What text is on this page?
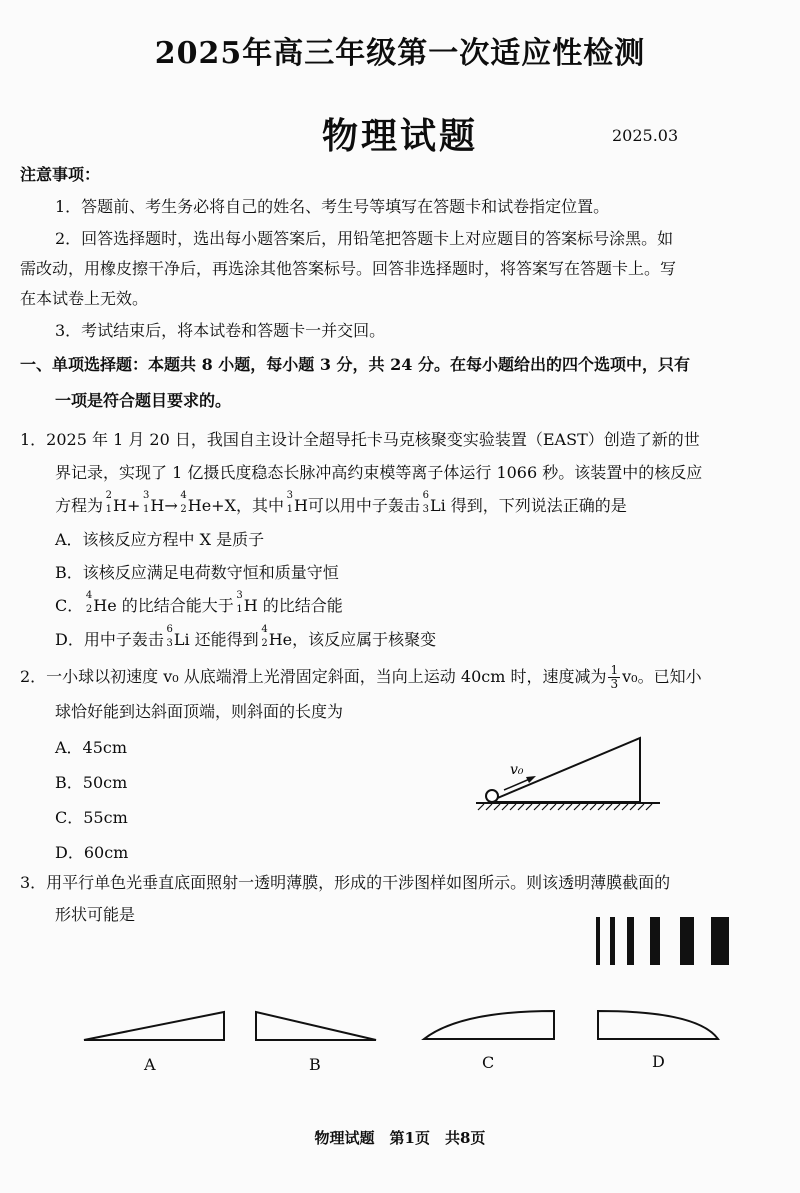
2025年高三年级第一次适应性检测
物理试题	2025.03
注意事项：
1．答题前、考生务必将自己的姓名、考生号等填写在答题卡和试卷指定位置。
2．回答选择题时，选出每小题答案后，用铅笔把答题卡上对应题目的答案标号涂黑。如
需改动，用橡皮擦干净后，再选涂其他答案标号。回答非选择题时，将答案写在答题卡上。写
在本试卷上无效。
3．考试结束后，将本试卷和答题卡一并交回。
一、单项选择题：本题共 8 小题，每小题 3 分，共 24 分。在每小题给出的四个选项中，只有
一项是符合题目要求的。
1．2025 年 1 月 20 日，我国自主设计全超导托卡马克核聚变实验装置（EAST）创造了新的世
界记录，实现了 1 亿摄氏度稳态长脉冲高约束模等离子体运行 1066 秒。该装置中的核反应
方程为
2
1 H+
3
1 H→
4
2 He+X，其中
3
1 H可以用中子轰击
6
3 Li 得到，下列说法正确的是
A．该核反应方程中 X 是质子
B．该核反应满足电荷数守恒和质量守恒
C．
4
2 He 的比结合能大于
3
1 H 的比结合能
D．用中子轰击
6
3 Li 还能得到
4
2 He，该反应属于核聚变
2．一小球以初速度 v₀ 从底端滑上光滑固定斜面，当向上运动 40cm 时，速度减为 $\frac{1}{3} v_0$。已知小
球恰好能到达斜面顶端，则斜面的长度为
A．45cm
B．50cm
C．55cm
D．60cm
v₀
3．用平行单色光垂直底面照射一透明薄膜，形成的干涉图样如图所示。则该透明薄膜截面的
形状可能是
A	B	C	D
物理试题　第1页　共8页
